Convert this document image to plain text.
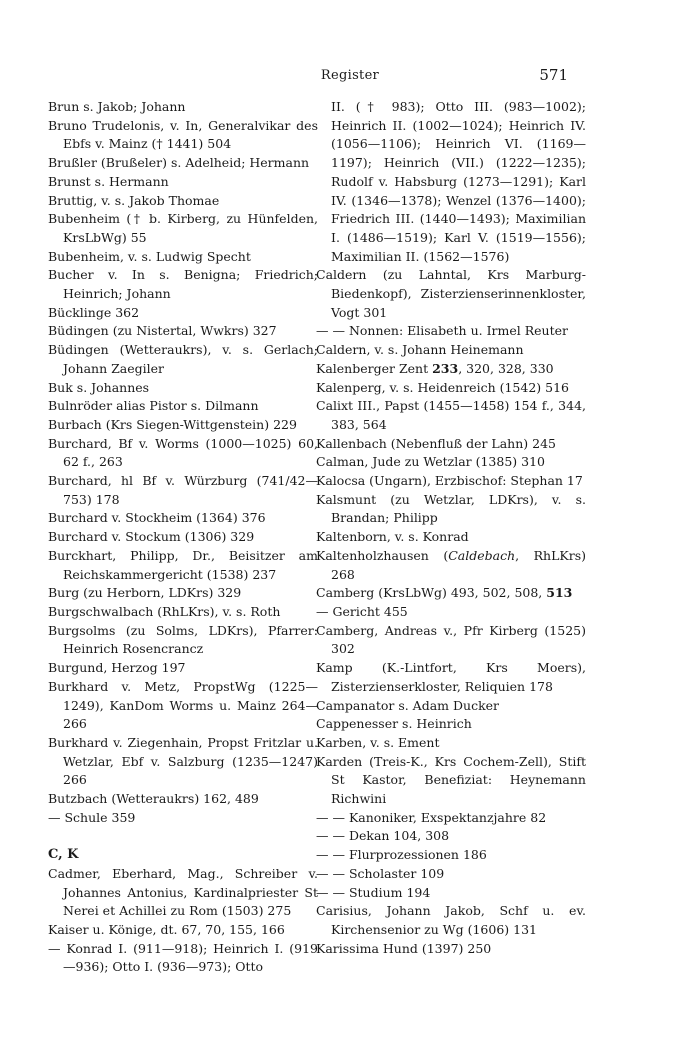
Register	571
Brun s. Jakob; Johann
Bruno Trudelonis, v. In, Generalvikar des Ebfs v. Mainz († 1441) 504
Brußler (Brußeler) s. Adelheid; Hermann
Brunst s. Hermann
Bruttig, v. s. Jakob Thomae
Bubenheim († b. Kirberg, zu Hünfelden, KrsLbWg) 55
Bubenheim, v. s. Ludwig Specht
Bucher v. In s. Benigna; Friedrich; Heinrich; Johann
Bücklinge 362
Büdingen (zu Nistertal, Wwkrs) 327
Büdingen (Wetteraukrs), v. s. Gerlach; Johann Zaegiler
Buk s. Johannes
Bulnröder alias Pistor s. Dilmann
Burbach (Krs Siegen-Wittgenstein) 229
Burchard, Bf v. Worms (1000—1025) 60, 62 f., 263
Burchard, hl Bf v. Würzburg (741/42—753) 178
Burchard v. Stockheim (1364) 376
Burchard v. Stockum (1306) 329
Burckhart, Philipp, Dr., Beisitzer am Reichskammergericht (1538) 237
Burg (zu Herborn, LDKrs) 329
Burgschwalbach (RhLKrs), v. s. Roth
Burgsolms (zu Solms, LDKrs), Pfarrer: Heinrich Rosencrancz
Burgund, Herzog 197
Burkhard v. Metz, PropstWg (1225—1249), KanDom Worms u. Mainz 264—266
Burkhard v. Ziegenhain, Propst Fritzlar u. Wetzlar, Ebf v. Salzburg (1235—1247) 266
Butzbach (Wetteraukrs) 162, 489
— Schule 359
C, K
Cadmer, Eberhard, Mag., Schreiber v. Johannes Antonius, Kardinalpriester St Nerei et Achillei zu Rom (1503) 275
Kaiser u. Könige, dt. 67, 70, 155, 166
— Konrad I. (911—918); Heinrich I. (919—936); Otto I. (936—973); Otto
II. († 983); Otto III. (983—1002); Heinrich II. (1002—1024); Heinrich IV. (1056—1106); Heinrich VI. (1169—1197); Heinrich (VII.) (1222—1235); Rudolf v. Habsburg (1273—1291); Karl IV. (1346—1378); Wenzel (1376—1400); Friedrich III. (1440—1493); Maximilian I. (1486—1519); Karl V. (1519—1556); Maximilian II. (1562—1576)
Caldern (zu Lahntal, Krs Marburg-Biedenkopf), Zisterzienserinnenkloster, Vogt 301
— — Nonnen: Elisabeth u. Irmel Reuter
Caldern, v. s. Johann Heinemann
Kalenberger Zent 233, 320, 328, 330
Kalenperg, v. s. Heidenreich (1542) 516
Calixt III., Papst (1455—1458) 154 f., 344, 383, 564
Kallenbach (Nebenfluß der Lahn) 245
Calman, Jude zu Wetzlar (1385) 310
Kalocsa (Ungarn), Erzbischof: Stephan 17
Kalsmunt (zu Wetzlar, LDKrs), v. s. Brandan; Philipp
Kaltenborn, v. s. Konrad
Kaltenholzhausen (Caldebach, RhLKrs) 268
Camberg (KrsLbWg) 493, 502, 508, 513
— Gericht 455
Camberg, Andreas v., Pfr Kirberg (1525) 302
Kamp (K.-Lintfort, Krs Moers), Zisterzienserkloster, Reliquien 178
Campanator s. Adam Ducker
Cappenesser s. Heinrich
Karben, v. s. Ement
Karden (Treis-K., Krs Cochem-Zell), Stift St Kastor, Benefiziat: Heynemann Richwini
— — Kanoniker, Exspektanzjahre 82
— — Dekan 104, 308
— — Flurprozessionen 186
— — Scholaster 109
— — Studium 194
Carisius, Johann Jakob, Schf u. ev. Kirchensenior zu Wg (1606) 131
Karissima Hund (1397) 250
